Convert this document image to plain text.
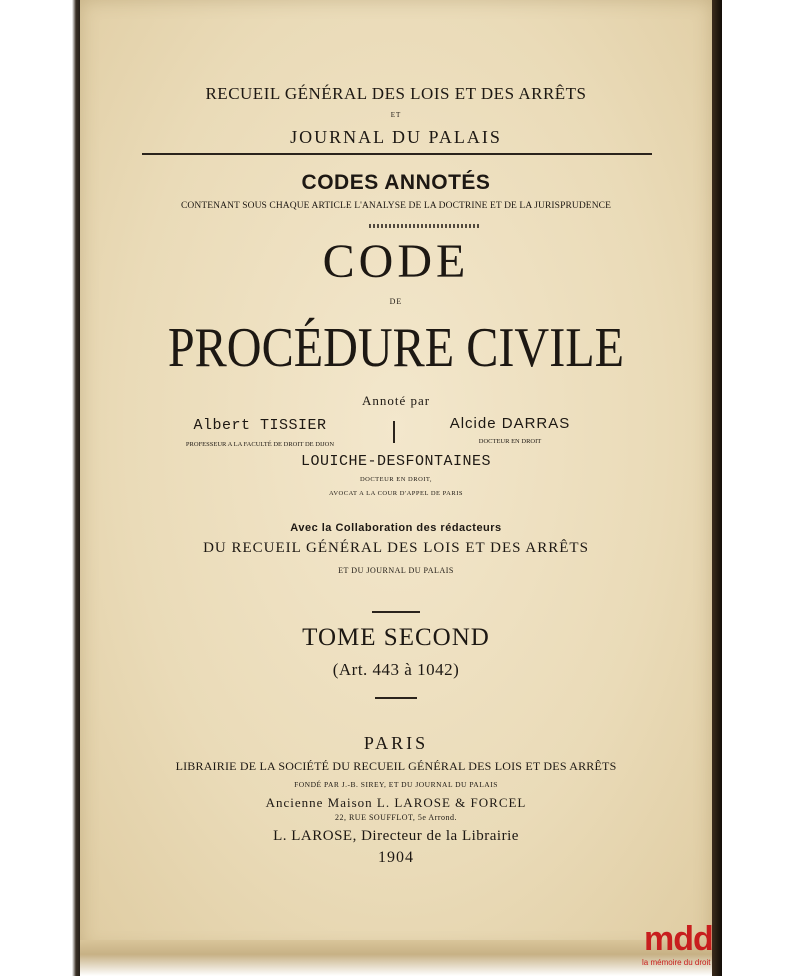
RECUEIL GÉNÉRAL DES LOIS ET DES ARRÊTS
ET
JOURNAL DU PALAIS
CODES ANNOTÉS
CONTENANT SOUS CHAQUE ARTICLE L'ANALYSE DE LA DOCTRINE ET DE LA JURISPRUDENCE
CODE
DE
PROCÉDURE CIVILE
Annoté par
Albert TISSIER
PROFESSEUR A LA FACULTÉ DE DROIT DE DIJON
Alcide DARRAS
DOCTEUR EN DROIT
LOUICHE-DESFONTAINES
DOCTEUR EN DROIT,
AVOCAT A LA COUR D'APPEL DE PARIS
Avec la Collaboration des rédacteurs
DU RECUEIL GÉNÉRAL DES LOIS ET DES ARRÊTS
ET DU JOURNAL DU PALAIS
TOME SECOND
(Art. 443 à 1042)
PARIS
LIBRAIRIE DE LA SOCIÉTÉ DU RECUEIL GÉNÉRAL DES LOIS ET DES ARRÊTS
FONDÉ PAR J.-B. SIREY, ET DU JOURNAL DU PALAIS
Ancienne Maison L. LAROSE & FORCEL
22, RUE SOUFFLOT, 5e Arrond.
L. LAROSE, Directeur de la Librairie
1904
mdd
la mémoire du droit
